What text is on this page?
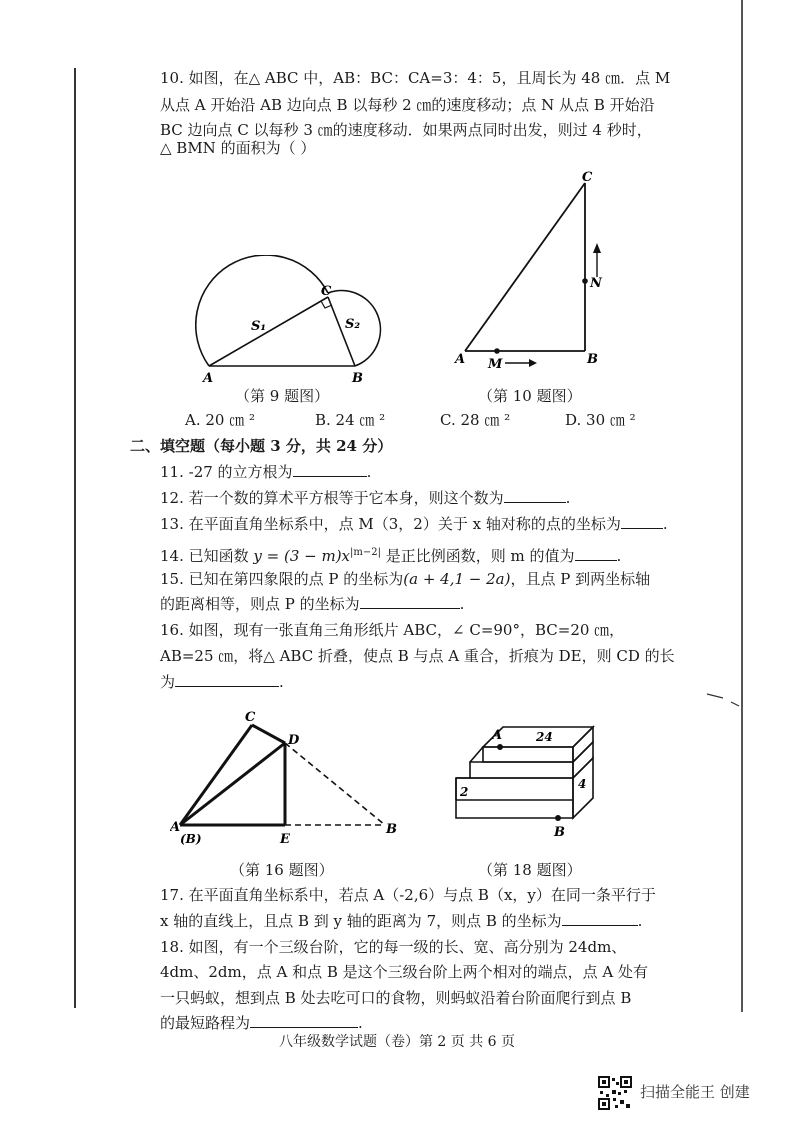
10. 如图，在△ ABC 中，AB：BC：CA=3：4：5，且周长为 48 ㎝．点 M
从点 A 开始沿 AB 边向点 B 以每秒 2 ㎝的速度移动；点 N 从点 B 开始沿
BC 边向点 C 以每秒 3 ㎝的速度移动．如果两点同时出发，则过 4 秒时，
△ BMN 的面积为（ ）
A	B
C
S₁	S₂
（第 9 题图）
A	B
C
M
N
（第 10 题图）
A. 20 ㎝ ²	B. 24 ㎝ ²	C. 28 ㎝ ²	D. 30 ㎝ ²
二、填空题（每小题 3 分，共 24 分）
11. -27 的立方根为	.
12. 若一个数的算术平方根等于它本身，则这个数为	.
13. 在平面直角坐标系中，点 M（3，2）关于 x 轴对称的点的坐标为	.
14. 已知函数 $y = (3 - m)x^{|m-2|}$ 是正比例函数，则 m 的值为	.
15. 已知在第四象限的点 P 的坐标为(a + 4,1 − 2a)，且点 P 到两坐标轴
的距离相等，则点 P 的坐标为	.
16. 如图，现有一张直角三角形纸片 ABC，∠ C=90°，BC=20 ㎝，
AB=25 ㎝，将△ ABC 折叠，使点 B 与点 A 重合，折痕为 DE，则 CD 的长
为	.
A
(B)
B
C
D
E
（第 16 题图）
A
B
24
4
2
（第 18 题图）
17. 在平面直角坐标系中，若点 A（-2,6）与点 B（x，y）在同一条平行于
x 轴的直线上，且点 B 到 y 轴的距离为 7，则点 B 的坐标为	.
18. 如图，有一个三级台阶，它的每一级的长、宽、高分别为 24dm、
4dm、2dm，点 A 和点 B 是这个三级台阶上两个相对的端点，点 A 处有
一只蚂蚁，想到点 B 处去吃可口的食物，则蚂蚁沿着台阶面爬行到点 B
的最短路程为	.
八年级数学试题（卷）第 2 页 共 6 页
扫描全能王 创建
